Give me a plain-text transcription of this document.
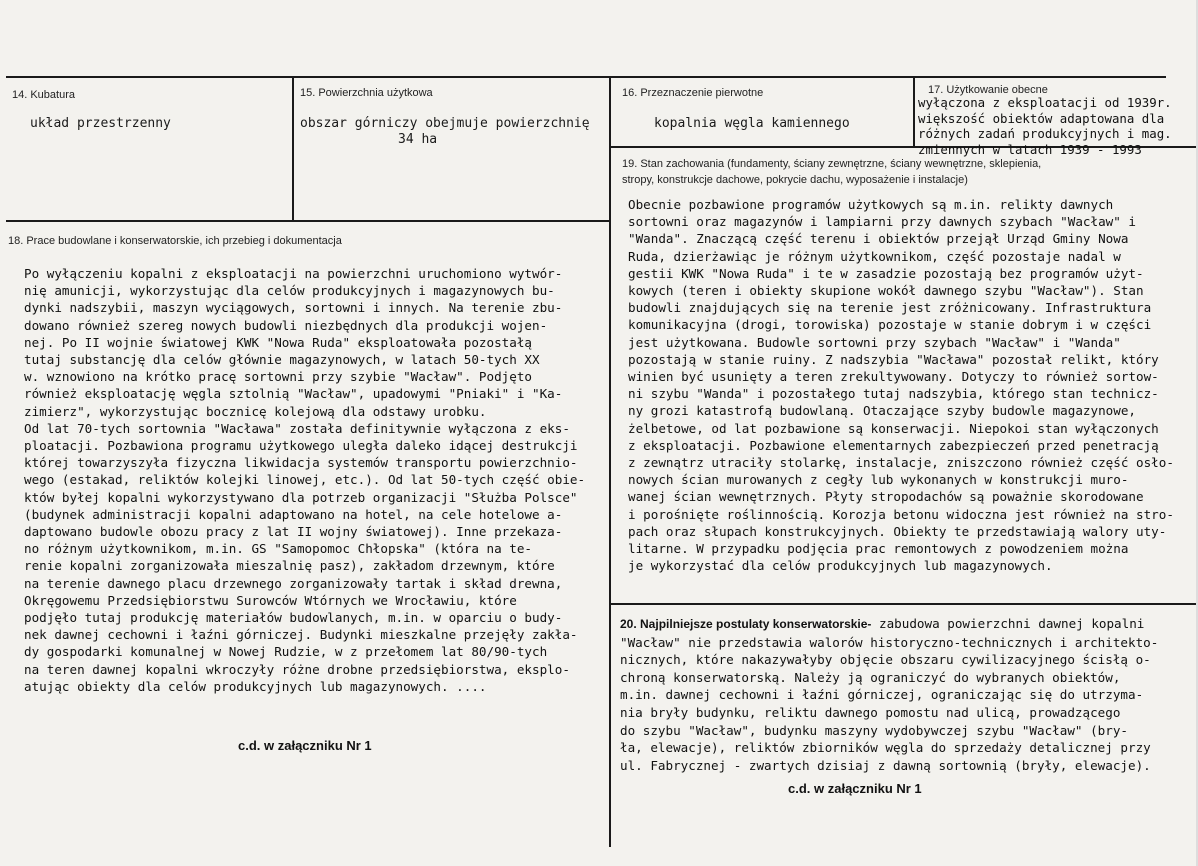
14. Kubatura
układ przestrzenny
15. Powierzchnia użytkowa
obszar górniczy obejmuje powierzchnię
34 ha
16. Przeznaczenie pierwotne
kopalnia węgla kamiennego
17. Użytkowanie obecne
wyłączona z eksploatacji od 1939r.
większość obiektów adaptowana dla
różnych zadań produkcyjnych i mag.
zmiennych w latach 1939 - 1993
18. Prace budowlane i konserwatorskie, ich przebieg i dokumentacja
Po wyłączeniu kopalni z eksploatacji na powierzchni uruchomiono wytwór-
nię amunicji, wykorzystując dla celów produkcyjnych i magazynowych bu-
dynki nadszybii, maszyn wyciągowych, sortowni i innych. Na terenie zbu-
dowano również szereg nowych budowli niezbędnych dla produkcji wojen-
nej. Po II wojnie światowej KWK "Nowa Ruda" eksploatowała pozostałą
tutaj substancję dla celów głównie magazynowych, w latach 50-tych XX
w. wznowiono na krótko pracę sortowni przy szybie "Wacław". Podjęto
również eksploatację węgla sztolnią "Wacław", upadowymi "Pniaki" i "Ka-
zimierz", wykorzystując bocznicę kolejową dla odstawy urobku.
Od lat 70-tych sortownia "Wacława" została definitywnie wyłączona z eks-
ploatacji. Pozbawiona programu użytkowego uległa daleko idącej destrukcji
której towarzyszyła fizyczna likwidacja systemów transportu powierzchnio-
wego (estakad, reliktów kolejki linowej, etc.). Od lat 50-tych część obie-
któw byłej kopalni wykorzystywano dla potrzeb organizacji "Służba Polsce"
(budynek administracji kopalni adaptowano na hotel, na cele hotelowe a-
daptowano budowle obozu pracy z lat II wojny światowej). Inne przekaza-
no różnym użytkownikom, m.in. GS "Samopomoc Chłopska" (która na te-
renie kopalni zorganizowała mieszalnię pasz), zakładom drzewnym, które
na terenie dawnego placu drzewnego zorganizowały tartak i skład drewna,
Okręgowemu Przedsiębiorstwu Surowców Wtórnych we Wrocławiu, które
podjęło tutaj produkcję materiałów budowlanych, m.in. w oparciu o budy-
nek dawnej cechowni i łaźni górniczej. Budynki mieszkalne przejęły zakła-
dy gospodarki komunalnej w Nowej Rudzie, w z przełomem lat 80/90-tych
na teren dawnej kopalni wkroczyły różne drobne przedsiębiorstwa, eksplo-
atując obiekty dla celów produkcyjnych lub magazynowych. ....
c.d. w załączniku Nr 1
19. Stan zachowania (fundamenty, ściany zewnętrzne, ściany wewnętrzne, sklepienia,
stropy, konstrukcje dachowe, pokrycie dachu, wyposażenie i instalacje)
Obecnie pozbawione programów użytkowych są m.in. relikty dawnych
sortowni oraz magazynów i lampiarni przy dawnych szybach "Wacław" i
"Wanda". Znaczącą część terenu i obiektów przejął Urząd Gminy Nowa
Ruda, dzierżawiąc je różnym użytkownikom, część pozostaje nadal w
gestii KWK "Nowa Ruda" i te w zasadzie pozostają bez programów użyt-
kowych (teren i obiekty skupione wokół dawnego szybu "Wacław"). Stan
budowli znajdujących się na terenie jest zróżnicowany. Infrastruktura
komunikacyjna (drogi, torowiska) pozostaje w stanie dobrym i w części
jest użytkowana. Budowle sortowni przy szybach "Wacław" i "Wanda"
pozostają w stanie ruiny. Z nadszybia "Wacława" pozostał relikt, który
winien być usunięty a teren zrekultywowany. Dotyczy to również sortow-
ni szybu "Wanda" i pozostałego tutaj nadszybia, którego stan technicz-
ny grozi katastrofą budowlaną. Otaczające szyby budowle magazynowe,
żelbetowe, od lat pozbawione są konserwacji. Niepokoi stan wyłączonych
z eksploatacji. Pozbawione elementarnych zabezpieczeń przed penetracją
z zewnątrz utraciły stolarkę, instalacje, zniszczono również część osło-
nowych ścian murowanych z cegły lub wykonanych w konstrukcji muro-
wanej ścian wewnętrznych. Płyty stropodachów są poważnie skorodowane
i porośnięte roślinnością. Korozja betonu widoczna jest również na stro-
pach oraz słupach konstrukcyjnych. Obiekty te przedstawiają walory uty-
litarne. W przypadku podjęcia prac remontowych z powodzeniem można
je wykorzystać dla celów produkcyjnych lub magazynowych.
20. Najpilniejsze postulaty konserwatorskie- zabudowa powierzchni dawnej kopalni
"Wacław" nie przedstawia walorów historyczno-technicznych i architekto-
nicznych, które nakazywałyby objęcie obszaru cywilizacyjnego ścisłą o-
chroną konserwatorską. Należy ją ograniczyć do wybranych obiektów,
m.in. dawnej cechowni i łaźni górniczej, ograniczając się do utrzyma-
nia bryły budynku, reliktu dawnego pomostu nad ulicą, prowadzącego
do szybu "Wacław", budynku maszyny wydobywczej szybu "Wacław" (bry-
ła, elewacje), reliktów zbiorników węgla do sprzedaży detalicznej przy
ul. Fabrycznej - zwartych dzisiaj z dawną sortownią (bryły, elewacje).
c.d. w załączniku Nr 1
